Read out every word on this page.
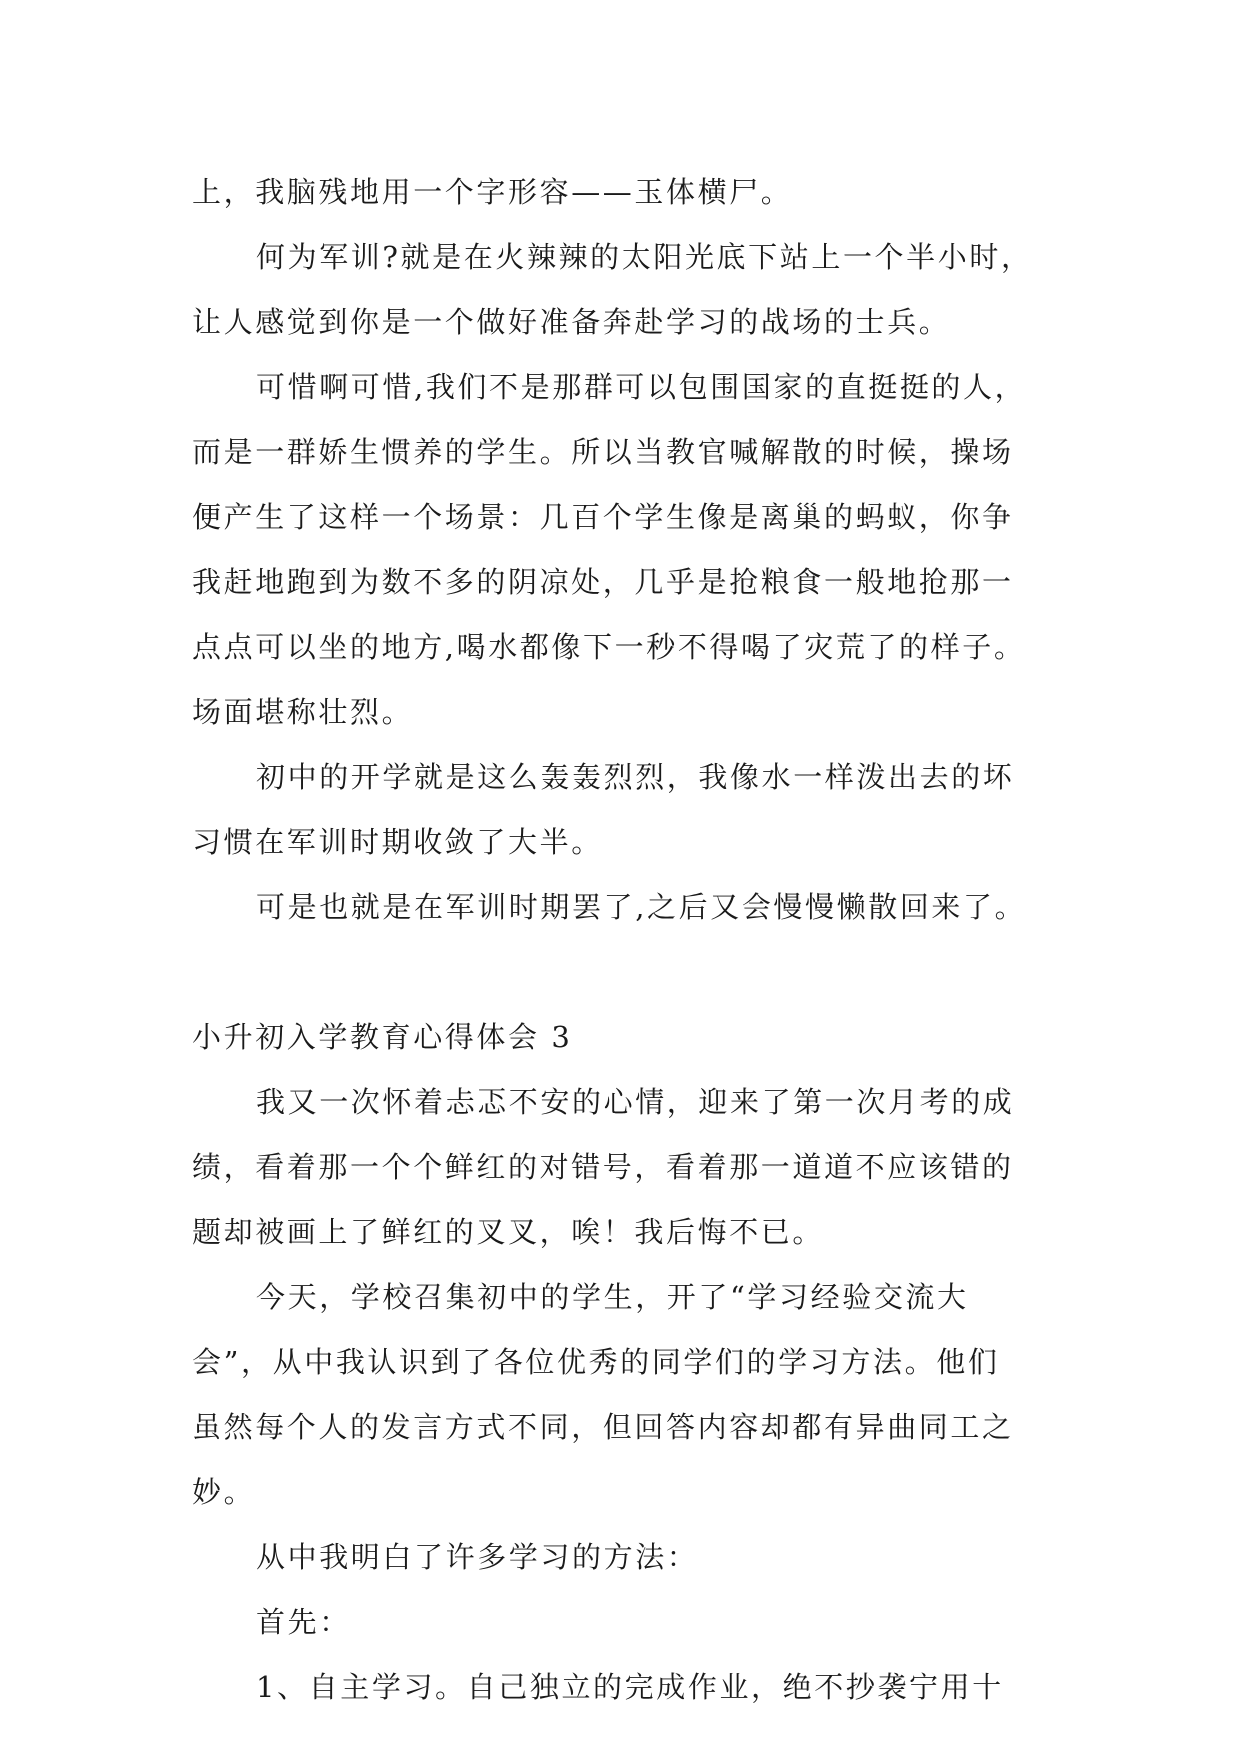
上，我脑残地用一个字形容——玉体横尸。
何为军训?就是在火辣辣的太阳光底下站上一个半小时，
让人感觉到你是一个做好准备奔赴学习的战场的士兵。
可惜啊可惜,我们不是那群可以包围国家的直挺挺的人，
而是一群娇生惯养的学生。所以当教官喊解散的时候，操场
便产生了这样一个场景：几百个学生像是离巢的蚂蚁，你争
我赶地跑到为数不多的阴凉处，几乎是抢粮食一般地抢那一
点点可以坐的地方,喝水都像下一秒不得喝了灾荒了的样子。
场面堪称壮烈。
初中的开学就是这么轰轰烈烈，我像水一样泼出去的坏
习惯在军训时期收敛了大半。
可是也就是在军训时期罢了,之后又会慢慢懒散回来了。
小升初入学教育心得体会 3
我又一次怀着忐忑不安的心情，迎来了第一次月考的成
绩，看着那一个个鲜红的对错号，看着那一道道不应该错的
题却被画上了鲜红的叉叉，唉！我后悔不已。
今天，学校召集初中的学生，开了“学习经验交流大
会”，从中我认识到了各位优秀的同学们的学习方法。他们
虽然每个人的发言方式不同，但回答内容却都有异曲同工之
妙。
从中我明白了许多学习的方法：
首先：
1、自主学习。自己独立的完成作业，绝不抄袭宁用十
